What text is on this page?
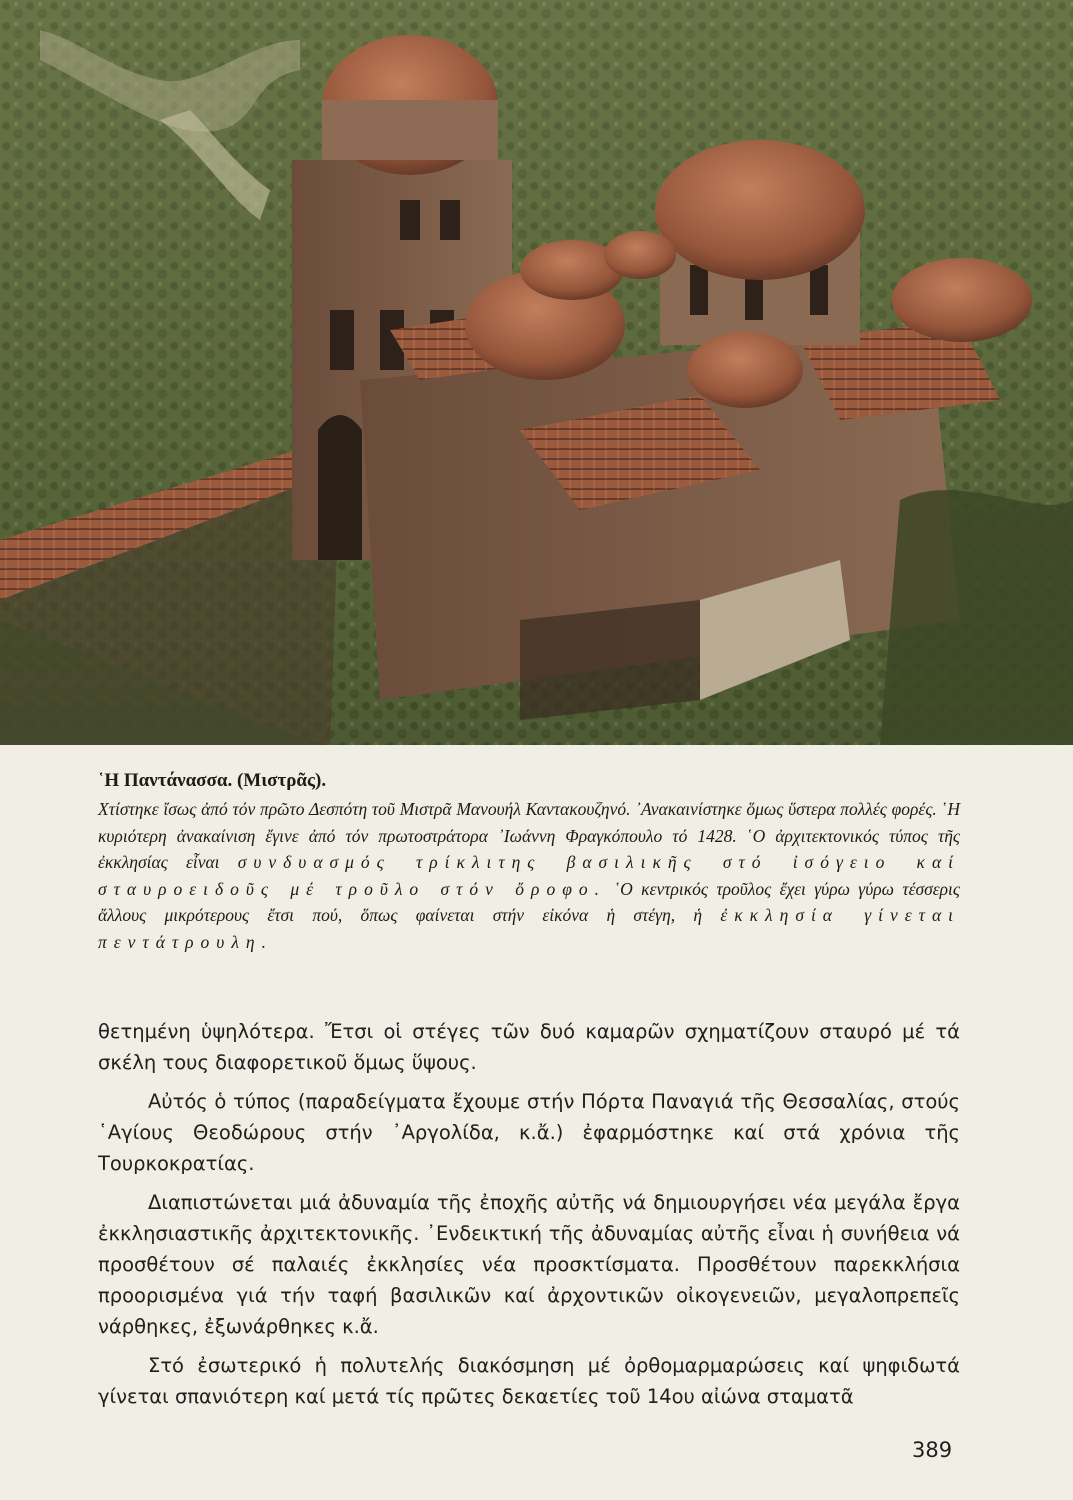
῾Η Παντάνασσα. (Μιστρᾶς).

Χτίστηκε ἴσως ἀπό τόν πρῶτο Δεσπότη τοῦ Μιστρᾶ Μανουήλ Καντακουζηνό. ᾿Ανακαινίστηκε ὅμως ὕστερα πολλές φορές. ῾Η κυριότερη ἀνακαίνιση ἔγινε ἀπό τόν πρωτοστράτορα ᾿Ιωάννη Φραγκόπουλο τό 1428. ῾Ο ἀρχιτεκτονικός τύπος τῆς ἐκκλησίας εἶναι συνδυασμός τρίκλιτης βασιλικῆς στό ἰσόγειο καί σταυροειδοῦς μέ τροῦλο στόν ὄροφο. ῾Ο κεντρικός τροῦλος ἔχει γύρω γύρω τέσσερις ἄλλους μικρότερους ἔτσι πού, ὅπως φαίνεται στήν εἰκόνα ἡ στέγη, ἡ ἐκκλησία γίνεται πεντάτρουλη.

θετημένη ὑψηλότερα. Ἔτσι οἱ στέγες τῶν δυό καμαρῶν σχηματίζουν σταυρό μέ τά σκέλη τους διαφορετικοῦ ὅμως ὕψους.

Αὐτός ὁ τύπος (παραδείγματα ἔχουμε στήν Πόρτα Παναγιά τῆς Θεσσαλίας, στούς ῾Αγίους Θεοδώρους στήν ᾿Αργολίδα, κ.ἄ.) ἐφαρμόστηκε καί στά χρόνια τῆς Τουρκοκρατίας.

Διαπιστώνεται μιά ἀδυναμία τῆς ἐποχῆς αὐτῆς νά δημιουργήσει νέα μεγάλα ἔργα ἐκκλησιαστικῆς ἀρχιτεκτονικῆς. ᾿Ενδεικτική τῆς ἀδυναμίας αὐτῆς εἶναι ἡ συνήθεια νά προσθέτουν σέ παλαιές ἐκκλησίες νέα προσκτίσματα. Προσθέτουν παρεκκλήσια προορισμένα γιά τήν ταφή βασιλικῶν καί ἀρχοντικῶν οἰκογενειῶν, μεγαλοπρεπεῖς νάρθηκες, ἐξωνάρθηκες κ.ἄ.

Στό ἐσωτερικό ἡ πολυτελής διακόσμηση μέ ὀρθομαρμαρώσεις καί ψηφιδωτά γίνεται σπανιότερη καί μετά τίς πρῶτες δεκαετίες τοῦ 14ου αἰώνα σταματᾶ

389
